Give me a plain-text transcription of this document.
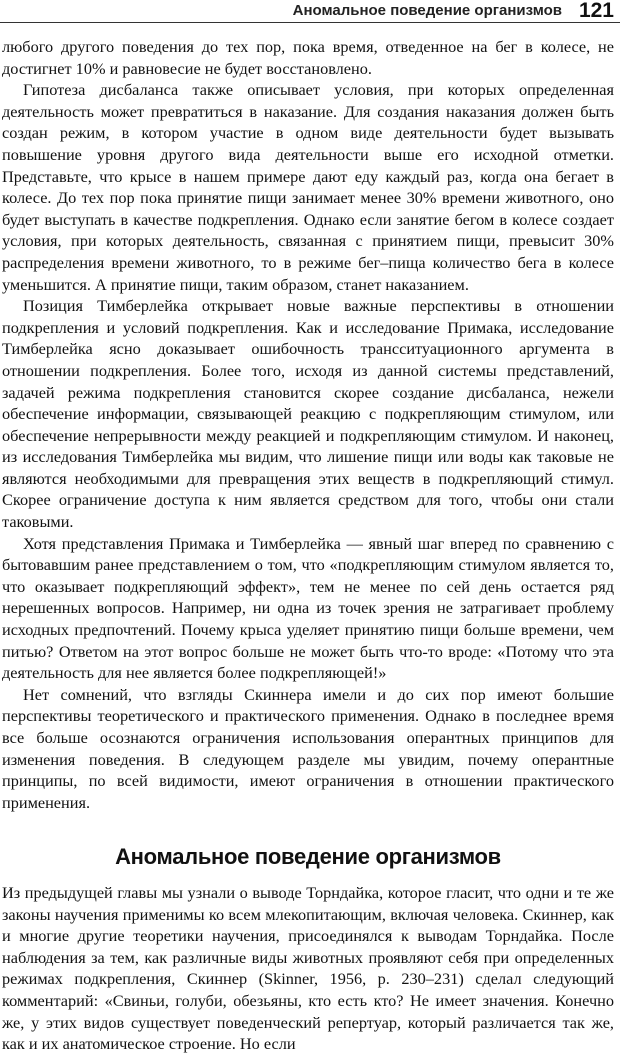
Аномальное поведение организмов 121

любого другого поведения до тех пор, пока время, отведенное на бег в колесе, не достигнет 10% и равновесие не будет восстановлено.

Гипотеза дисбаланса также описывает условия, при которых определенная деятельность может превратиться в наказание. Для создания наказания должен быть создан режим, в котором участие в одном виде деятельности будет вызывать повышение уровня другого вида деятельности выше его исходной отметки. Представьте, что крысе в нашем примере дают еду каждый раз, когда она бегает в колесе. До тех пор пока принятие пищи занимает менее 30% времени животного, оно будет выступать в качестве подкрепления. Однако если занятие бегом в колесе создает условия, при которых деятельность, связанная с принятием пищи, превысит 30% распределения времени животного, то в режиме бег–пища количество бега в колесе уменьшится. А принятие пищи, таким образом, станет наказанием.

Позиция Тимберлейка открывает новые важные перспективы в отношении подкрепления и условий подкрепления. Как и исследование Примака, исследование Тимберлейка ясно доказывает ошибочность трансситуационного аргумента в отношении подкрепления. Более того, исходя из данной системы представлений, задачей режима подкрепления становится скорее создание дисбаланса, нежели обеспечение информации, связывающей реакцию с подкрепляющим стимулом, или обеспечение непрерывности между реакцией и подкрепляющим стимулом. И наконец, из исследования Тимберлейка мы видим, что лишение пищи или воды как таковые не являются необходимыми для превращения этих веществ в подкрепляющий стимул. Скорее ограничение доступа к ним является средством для того, чтобы они стали таковыми.

Хотя представления Примака и Тимберлейка — явный шаг вперед по сравнению с бытовавшим ранее представлением о том, что «подкрепляющим стимулом является то, что оказывает подкрепляющий эффект», тем не менее по сей день остается ряд нерешенных вопросов. Например, ни одна из точек зрения не затрагивает проблему исходных предпочтений. Почему крыса уделяет принятию пищи больше времени, чем питью? Ответом на этот вопрос больше не может быть что-то вроде: «Потому что эта деятельность для нее является более подкрепляющей!»

Нет сомнений, что взгляды Скиннера имели и до сих пор имеют большие перспективы теоретического и практического применения. Однако в последнее время все больше осознаются ограничения использования оперантных принципов для изменения поведения. В следующем разделе мы увидим, почему оперантные принципы, по всей видимости, имеют ограничения в отношении практического применения.

Аномальное поведение организмов

Из предыдущей главы мы узнали о выводе Торндайка, которое гласит, что одни и те же законы научения применимы ко всем млекопитающим, включая человека. Скиннер, как и многие другие теоретики научения, присоединялся к выводам Торндайка. После наблюдения за тем, как различные виды животных проявляют себя при определенных режимах подкрепления, Скиннер (Skinner, 1956, p. 230–231) сделал следующий комментарий: «Свиньи, голуби, обезьяны, кто есть кто? Не имеет значения. Конечно же, у этих видов существует поведенческий репертуар, который различается так же, как и их анатомическое строение. Но если
